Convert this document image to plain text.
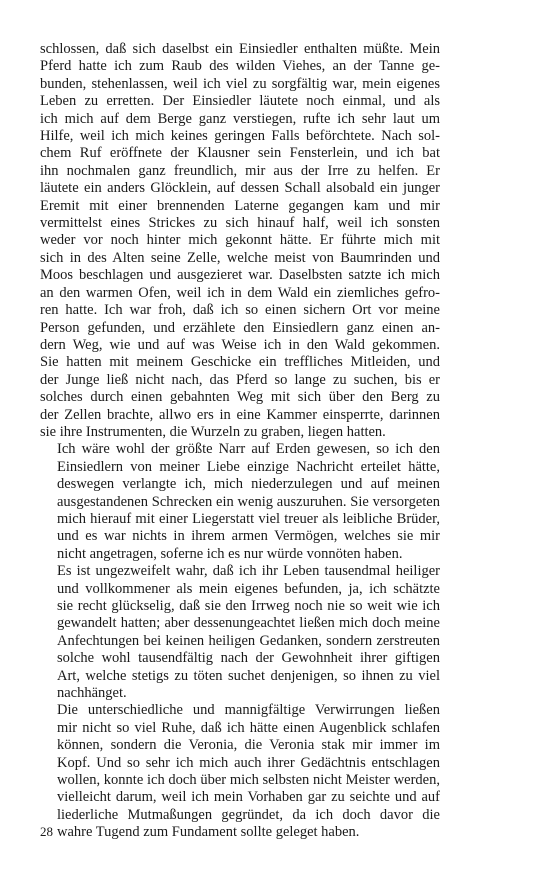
schlossen, daß sich daselbst ein Einsiedler enthalten müßte. Mein
Pferd hatte ich zum Raub des wilden Viehes, an der Tanne ge-
bunden, stehenlassen, weil ich viel zu sorgfältig war, mein eigenes
Leben zu erretten. Der Einsiedler läutete noch einmal, und als
ich mich auf dem Berge ganz verstiegen, rufte ich sehr laut um
Hilfe, weil ich mich keines geringen Falls beförchtete. Nach sol-
chem Ruf eröffnete der Klausner sein Fensterlein, und ich bat
ihn nochmalen ganz freundlich, mir aus der Irre zu helfen. Er
läutete ein anders Glöcklein, auf dessen Schall alsobald ein junger
Eremit mit einer brennenden Laterne gegangen kam und mir
vermittelst eines Strickes zu sich hinauf half, weil ich sonsten
weder vor noch hinter mich gekonnt hätte. Er führte mich mit
sich in des Alten seine Zelle, welche meist von Baumrinden und
Moos beschlagen und ausgezieret war. Daselbsten satzte ich mich
an den warmen Ofen, weil ich in dem Wald ein ziemliches gefro-
ren hatte. Ich war froh, daß ich so einen sichern Ort vor meine
Person gefunden, und erzählete den Einsiedlern ganz einen an-
dern Weg, wie und auf was Weise ich in den Wald gekommen.
Sie hatten mit meinem Geschicke ein treffliches Mitleiden, und
der Junge ließ nicht nach, das Pferd so lange zu suchen, bis er
solches durch einen gebahnten Weg mit sich über den Berg zu
der Zellen brachte, allwo ers in eine Kammer einsperrte, darinnen
sie ihre Instrumenten, die Wurzeln zu graben, liegen hatten.

Ich wäre wohl der größte Narr auf Erden gewesen, so ich den
Einsiedlern von meiner Liebe einzige Nachricht erteilet hätte,
deswegen verlangte ich, mich niederzulegen und auf meinen
ausgestandenen Schrecken ein wenig auszuruhen. Sie versorgeten
mich hierauf mit einer Liegerstatt viel treuer als leibliche Brüder,
und es war nichts in ihrem armen Vermögen, welches sie mir
nicht angetragen, soferne ich es nur würde vonnöten haben.

Es ist ungezweifelt wahr, daß ich ihr Leben tausendmal heiliger
und vollkommener als mein eigenes befunden, ja, ich schätzte
sie recht glückselig, daß sie den Irrweg noch nie so weit wie ich
gewandelt hatten; aber dessenungeachtet ließen mich doch meine
Anfechtungen bei keinen heiligen Gedanken, sondern zerstreuten
solche wohl tausendfältig nach der Gewohnheit ihrer giftigen
Art, welche stetigs zu töten suchet denjenigen, so ihnen zu viel
nachhänget.

Die unterschiedliche und mannigfältige Verwirrungen ließen
mir nicht so viel Ruhe, daß ich hätte einen Augenblick schlafen
können, sondern die Veronia, die Veronia stak mir immer im
Kopf. Und so sehr ich mich auch ihrer Gedächtnis entschlagen
wollen, konnte ich doch über mich selbsten nicht Meister werden,
vielleicht darum, weil ich mein Vorhaben gar zu seichte und auf
liederliche Mutmaßungen gegründet, da ich doch davor die
wahre Tugend zum Fundament sollte geleget haben.

28
